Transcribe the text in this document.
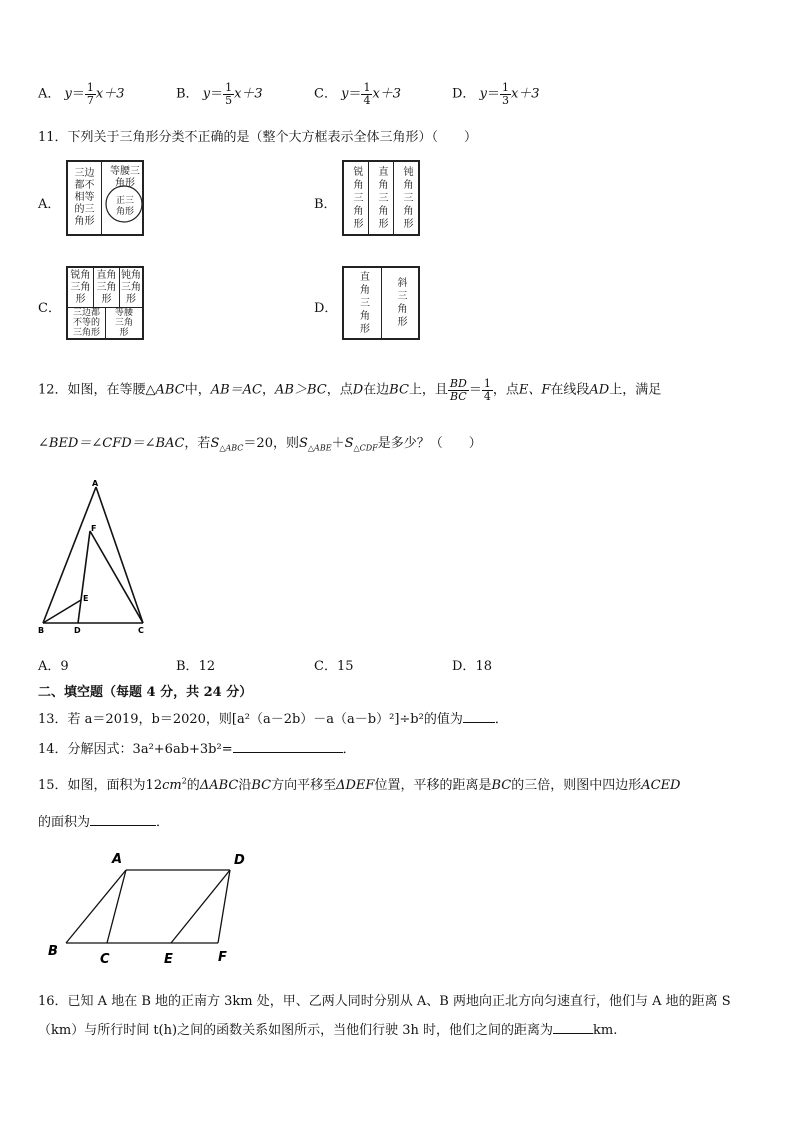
A． $y= \frac{1}{7} x+3$	B． $y= \frac{1}{5} x+3$	C． $y= \frac{1}{4} x+3$	D． $y= \frac{1}{3} x+3$
11．下列关于三角形分类不正确的是（整个大方框表示全体三角形）（　　）
A．
三边都不相等的三角形
等腰三角形
正三角形	B． 锐角三角形 直角三角形 钝角三角形
C．
锐角三角形
直角三角形
钝角三角形
三边都不等的三角形
等腰三角形
D． 直角三角形	斜三角形
12．如图，在等腰△ABC中，AB＝AC，AB＞BC，点D在边BC上，且 $\frac{BD}{BC} = \frac{1}{4}$ ，点E、F在线段AD上，满足
∠BED＝∠CFD＝∠BAC，若$S_{\triangle ABC}=20$，则$S_{\triangle ABE}+S_{\triangle CDF}$是多少？（　　）
A
F
E
B	D	C
A．9	B．12	C．15	D．18
二、填空题（每题 4 分，共 24 分）
13．若 a＝2019，b＝2020，则[a²（a－2b）－a（a－b）²]÷b²的值为 ．
14．分解因式：3a²+6ab+3b²=	．
15．如图，面积为$12cm^2$的ΔABC沿BC方向平移至ΔDEF位置，平移的距离是BC的三倍，则图中四边形ACED
的面积为	．
A	D
B
C	E	F
16．已知 A 地在 B 地的正南方 3km 处，甲、乙两人同时分别从 A、B 两地向正北方向匀速直行，他们与 A 地的距离 S
（km）与所行时间 t(h)之间的函数关系如图所示，当他们行驶 3h 时，他们之间的距离为	km.
